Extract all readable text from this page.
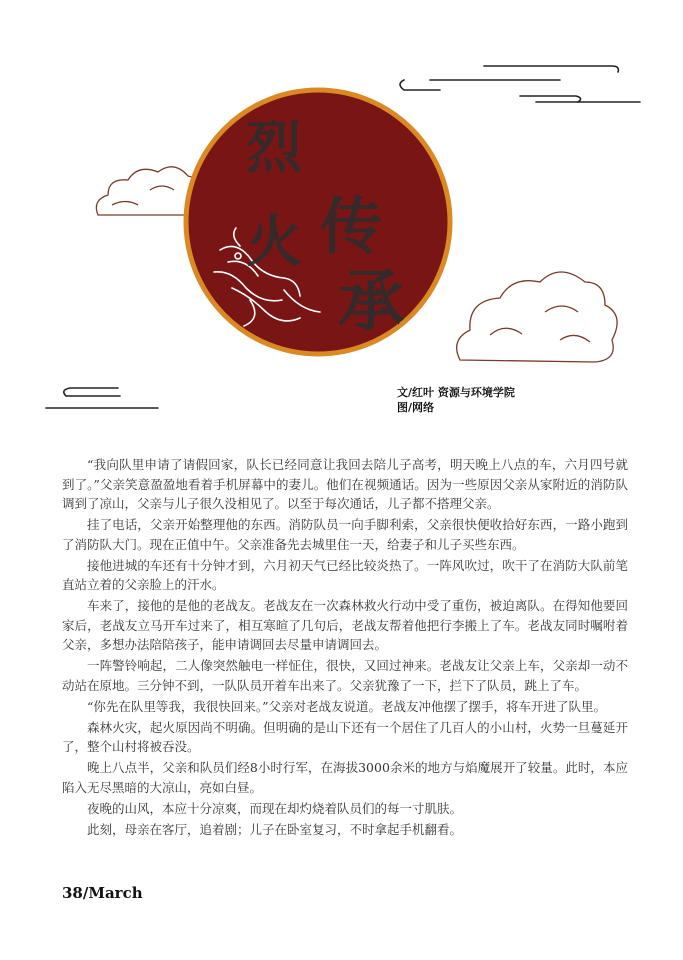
烈
火 传
承
文/红叶 资源与环境学院
图/网络

“我向队里申请了请假回家，队长已经同意让我回去陪儿子高考，明天晚上八点的车，六月四号就到了。”父亲笑意盈盈地看着手机屏幕中的妻儿。他们在视频通话。因为一些原因父亲从家附近的消防队调到了凉山，父亲与儿子很久没相见了。以至于每次通话，儿子都不搭理父亲。

挂了电话，父亲开始整理他的东西。消防队员一向手脚利索，父亲很快便收拾好东西，一路小跑到了消防队大门。现在正值中午。父亲准备先去城里住一天，给妻子和儿子买些东西。

接他进城的车还有十分钟才到，六月初天气已经比较炎热了。一阵风吹过，吹干了在消防大队前笔直站立着的父亲脸上的汗水。

车来了，接他的是他的老战友。老战友在一次森林救火行动中受了重伤，被迫离队。在得知他要回家后，老战友立马开车过来了，相互寒暄了几句后，老战友帮着他把行李搬上了车。老战友同时嘱咐着父亲，多想办法陪陪孩子，能申请调回去尽量申请调回去。

一阵警铃响起，二人像突然触电一样怔住，很快，又回过神来。老战友让父亲上车，父亲却一动不动站在原地。三分钟不到，一队队员开着车出来了。父亲犹豫了一下，拦下了队员，跳上了车。

“你先在队里等我，我很快回来。”父亲对老战友说道。老战友冲他摆了摆手，将车开进了队里。

森林火灾，起火原因尚不明确。但明确的是山下还有一个居住了几百人的小山村，火势一旦蔓延开了，整个山村将被吞没。

晚上八点半，父亲和队员们经8小时行军，在海拔3000余米的地方与焰魔展开了较量。此时，本应陷入无尽黑暗的大凉山，亮如白昼。

夜晚的山风，本应十分凉爽，而现在却灼烧着队员们的每一寸肌肤。

此刻，母亲在客厅，追着剧；儿子在卧室复习，不时拿起手机翻看。

38/March
